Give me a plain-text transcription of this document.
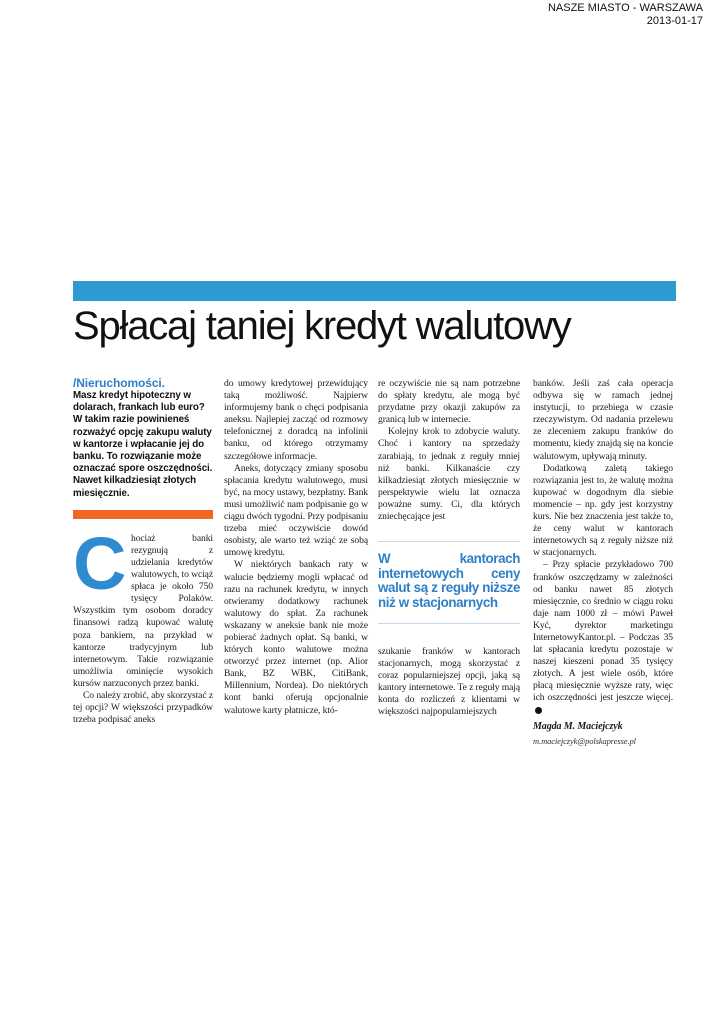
NASZE MIASTO - WARSZAWA
2013-01-17
Spłacaj taniej kredyt walutowy
/Nieruchomości.
Masz kredyt hipoteczny w dolarach, frankach lub euro? W takim razie powinieneś rozważyć opcję zakupu waluty w kantorze i wpłacanie jej do banku. To rozwiązanie może oznaczać spore oszczędności. Nawet kilkadziesiąt złotych miesięcznie.
C hociaż banki rezygnują z udzielania kredytów walutowych, to wciąż spłaca je około 750 tysięcy Polaków. Wszystkim tym osobom doradcy finansowi radzą kupować walutę poza bankiem, na przykład w kantorze tradycyjnym lub internetowym. Takie rozwiązanie umożliwia ominięcie wysokich kursów narzuconych przez banki.

Co należy zrobić, aby skorzystać z tej opcji? W większości przypadków trzeba podpisać aneks

do umowy kredytowej przewidujący taką możliwość. Najpierw informujemy bank o chęci podpisania aneksu. Najlepiej zacząć od rozmowy telefonicznej z doradcą na infolinii banku, od którego otrzymamy szczegółowe informacje.

Aneks, dotyczący zmiany sposobu spłacania kredytu walutowego, musi być, na mocy ustawy, bezpłatny. Bank musi umożliwić nam podpisanie go w ciągu dwóch tygodni. Przy podpisaniu trzeba mieć oczywiście dowód osobisty, ale warto też wziąć ze sobą umowę kredytu.

W niektórych bankach raty w walucie będziemy mogli wpłacać od razu na rachunek kredytu, w innych otwieramy dodatkowy rachunek walutowy do spłat. Za rachunek wskazany w aneksie bank nie może pobierać żadnych opłat. Są banki, w których konto walutowe można otworzyć przez internet (np. Alior Bank, BZ WBK, CitiBank, Millennium, Nordea). Do niektórych kont banki oferują opcjonalnie walutowe karty płatnicze, któ-

re oczywiście nie są nam potrzebne do spłaty kredytu, ale mogą być przydatne przy okazji zakupów za granicą lub w internecie.

Kolejny krok to zdobycie waluty. Choć i kantory na sprzedaży zarabiają, to jednak z reguły mniej niż banki. Kilkanaście czy kilkadziesiąt złotych miesięcznie w perspektywie wielu lat oznacza poważne sumy. Ci, dla których zniechęcające jest

W kantorach internetowych ceny walut są z reguły niższe niż w stacjonarnych

szukanie franków w kantorach stacjonarnych, mogą skorzystać z coraz popularniejszej opcji, jaką są kantory internetowe. Te z reguły mają konta do rozliczeń z klientami w większości najpopularniejszych

banków. Jeśli zaś cała operacja odbywa się w ramach jednej instytucji, to przebiega w czasie rzeczywistym. Od nadania przelewu ze zleceniem zakupu franków do momentu, kiedy znajdą się na koncie walutowym, upływają minuty.

Dodatkową zaletą takiego rozwiązania jest to, że walutę można kupować w dogodnym dla siebie momencie – np. gdy jest korzystny kurs. Nie bez znaczenia jest także to, że ceny walut w kantorach internetowych są z reguły niższe niż w stacjonarnych.

– Przy spłacie przykładowo 700 franków oszczędzamy w zależności od banku nawet 85 złotych miesięcznie, co średnio w ciągu roku daje nam 1000 zł – mówi Paweł Kyć, dyrektor marketingu InternetowyKantor.pl. – Podczas 35 lat spłacania kredytu pozostaje w naszej kieszeni ponad 35 tysięcy złotych. A jest wiele osób, które płacą miesięcznie wyższe raty, więc ich oszczędności jest jeszcze więcej.

Magda M. Maciejczyk
m.maciejczyk@polskapresse.pl
